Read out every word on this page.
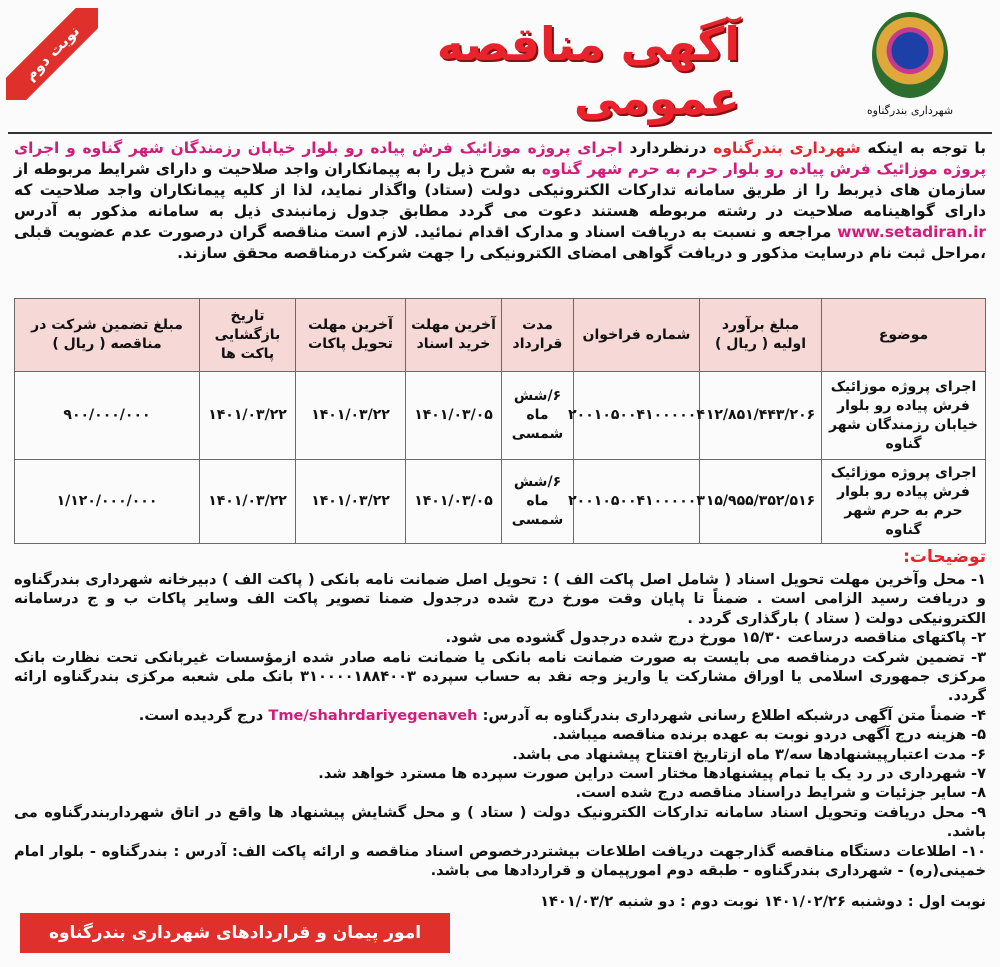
نوبت دوم	آگهی مناقصه عمومی	شهرداری بندرگناوه
با توجه به اینکه شهرداری بندرگناوه درنظردارد اجرای پروژه موزائیک فرش پیاده رو بلوار خیابان رزمندگان شهر گناوه و اجرای پروژه موزائیک فرش پیاده رو بلوار حرم به حرم شهر گناوه به شرح ذیل را به پیمانکاران واجد صلاحیت و دارای شرایط مربوطه از سازمان های ذیربط را از طریق سامانه تدارکات الکترونیکی دولت (ستاد) واگذار نماید، لذا از کلیه پیمانکاران واجد صلاحیت که دارای گواهینامه صلاحیت در رشته مربوطه هستند دعوت می گردد مطابق جدول زمانبندی ذیل به سامانه مذکور به آدرس www.setadiran.ir مراجعه و نسبت به دریافت اسناد و مدارک اقدام نمائید. لازم است مناقصه گران درصورت عدم عضویت قبلی ،مراحل ثبت نام درسایت مذکور و دریافت گواهی امضای الکترونیکی را جهت شرکت درمناقصه محقق سازند.
موضوع
مبلغ برآورد اولیه ( ریال )
شماره فراخوان
مدت قرارداد
آخرین مهلت خرید اسناد
آخرین مهلت تحویل پاکات
تاریخ بازگشایی پاکت ها
مبلغ تضمین شرکت در مناقصه ( ریال )
اجرای پروژه موزائیک فرش پیاده رو بلوار خیابان رزمندگان شهر گناوه
۱۲/۸۵۱/۴۴۳/۲۰۶
۲۰۰۱۰۵۰۰۴۱۰۰۰۰۰۴
۶/شش ماه شمسی
۱۴۰۱/۰۳/۰۵
۱۴۰۱/۰۳/۲۲
۱۴۰۱/۰۳/۲۲
۹۰۰/۰۰۰/۰۰۰
اجرای پروژه موزائیک فرش پیاده رو بلوار حرم به حرم شهر گناوه
۱۵/۹۵۵/۳۵۲/۵۱۶
۲۰۰۱۰۵۰۰۴۱۰۰۰۰۰۳
۶/شش ماه شمسی
۱۴۰۱/۰۳/۰۵
۱۴۰۱/۰۳/۲۲
۱۴۰۱/۰۳/۲۲
۱/۱۲۰/۰۰۰/۰۰۰
توضیحات:

۱- محل وآخرین مهلت تحویل اسناد ( شامل اصل پاکت الف ) : تحویل اصل ضمانت نامه بانکی ( پاکت الف ) دبیرخانه شهرداری بندرگناوه و دریافت رسید الزامی است . ضمناً تا پایان وقت مورخ درج شده درجدول ضمنا تصویر پاکت الف وسایر پاکات ب و ج درسامانه الکترونیکی دولت ( ستاد ) بارگذاری گردد .

۲- پاکتهای مناقصه درساعت ۱۵/۳۰ مورخ درج شده درجدول گشوده می شود.

۳- تضمین شرکت درمناقصه می بایست به صورت ضمانت نامه بانکی یا ضمانت نامه صادر شده ازمؤسسات غیربانکی تحت نظارت بانک مرکزی جمهوری اسلامی یا اوراق مشارکت یا واریز وجه نقد به حساب سپرده ۳۱۰۰۰۰۱۸۸۴۰۰۳ بانک ملی شعبه مرکزی بندرگناوه ارائه گردد.

۴- ضمناً متن آگهی درشبکه اطلاع رسانی شهرداری بندرگناوه به آدرس: Tme/shahrdariyegenaveh درج گردیده است.

۵- هزینه درج آگهی دردو نوبت به عهده برنده مناقصه میباشد.

۶- مدت اعتبارپیشنهادها سه/۳ ماه ازتاریخ افتتاح پیشنهاد می باشد.

۷- شهرداری در رد یک یا تمام پیشنهادها مختار است دراین صورت سپرده ها مسترد خواهد شد.

۸- سایر جزئیات و شرایط دراسناد مناقصه درج شده است.

۹- محل دریافت وتحویل اسناد سامانه تدارکات الکترونیک دولت ( ستاد ) و محل گشایش پیشنهاد ها واقع در اتاق شهرداربندرگناوه می باشد.

۱۰- اطلاعات دستگاه مناقصه گذارجهت دریافت اطلاعات بیشتردرخصوص اسناد مناقصه و ارائه پاکت الف: آدرس : بندرگناوه - بلوار امام خمینی(ره) - شهرداری بندرگناوه - طبقه دوم امورپیمان و قراردادها می باشد.

نوبت اول : دوشنبه ۱۴۰۱/۰۲/۲۶ نوبت دوم : دو شنبه ۱۴۰۱/۰۳/۲
امور پیمان و قراردادهای شهرداری بندرگناوه
